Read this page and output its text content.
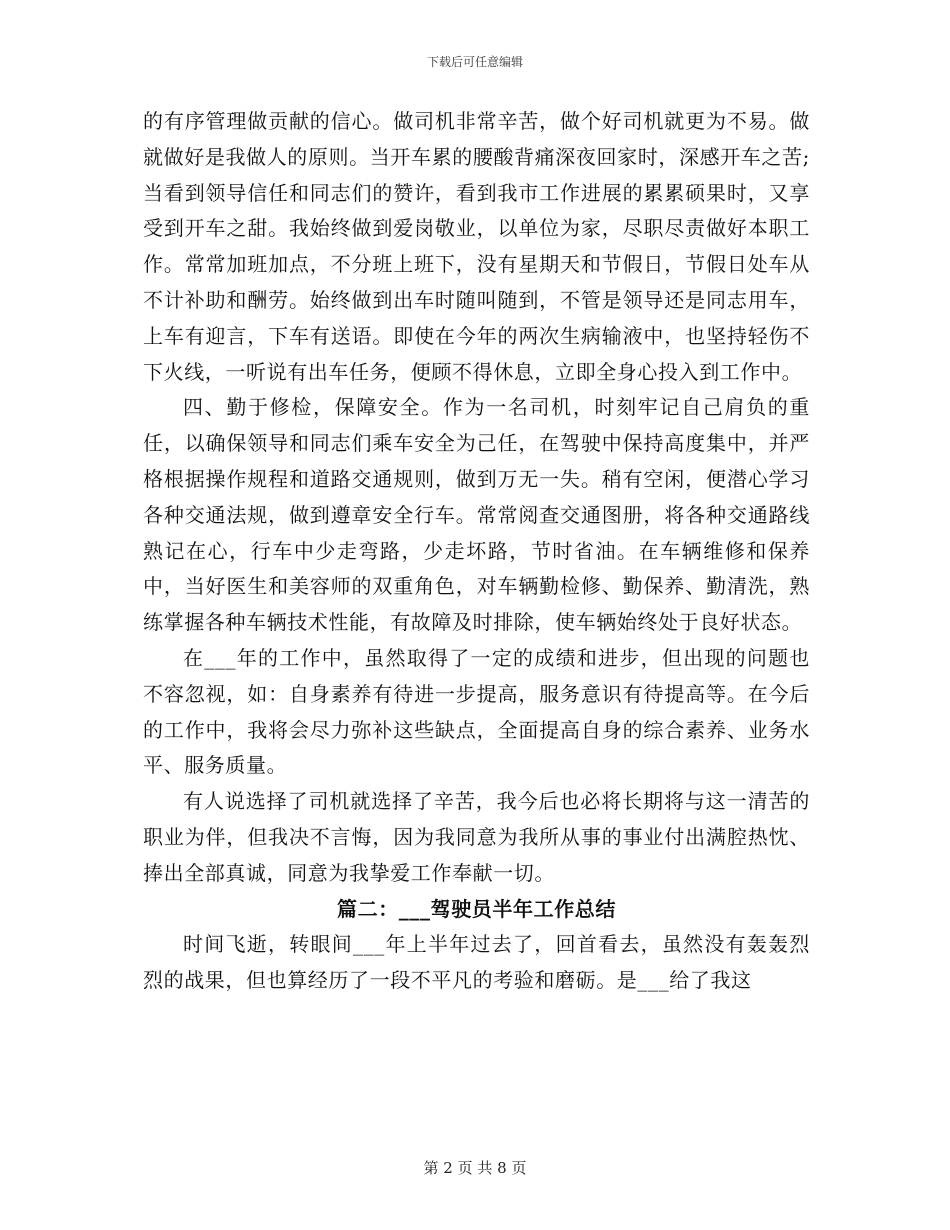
下载后可任意编辑

的有序管理做贡献的信心。做司机非常辛苦，做个好司机就更为不易。做就做好是我做人的原则。当开车累的腰酸背痛深夜回家时，深感开车之苦;当看到领导信任和同志们的赞许，看到我市工作进展的累累硕果时，又享受到开车之甜。我始终做到爱岗敬业，以单位为家，尽职尽责做好本职工作。常常加班加点，不分班上班下，没有星期天和节假日，节假日处车从不计补助和酬劳。始终做到出车时随叫随到，不管是领导还是同志用车，上车有迎言，下车有送语。即使在今年的两次生病输液中，也坚持轻伤不下火线，一听说有出车任务，便顾不得休息，立即全身心投入到工作中。

四、勤于修检，保障安全。作为一名司机，时刻牢记自己肩负的重任，以确保领导和同志们乘车安全为己任，在驾驶中保持高度集中，并严格根据操作规程和道路交通规则，做到万无一失。稍有空闲，便潜心学习各种交通法规，做到遵章安全行车。常常阅查交通图册，将各种交通路线熟记在心，行车中少走弯路，少走坏路，节时省油。在车辆维修和保养中，当好医生和美容师的双重角色，对车辆勤检修、勤保养、勤清洗，熟练掌握各种车辆技术性能，有故障及时排除，使车辆始终处于良好状态。

在___年的工作中，虽然取得了一定的成绩和进步，但出现的问题也不容忽视，如：自身素养有待进一步提高，服务意识有待提高等。在今后的工作中，我将会尽力弥补这些缺点，全面提高自身的综合素养、业务水平、服务质量。

有人说选择了司机就选择了辛苦，我今后也必将长期将与这一清苦的职业为伴，但我决不言悔，因为我同意为我所从事的事业付出满腔热忱、捧出全部真诚，同意为我挚爱工作奉献一切。

篇二：___驾驶员半年工作总结

时间飞逝，转眼间___年上半年过去了，回首看去，虽然没有轰轰烈烈的战果，但也算经历了一段不平凡的考验和磨砺。是___给了我这

第 2 页 共 8 页
